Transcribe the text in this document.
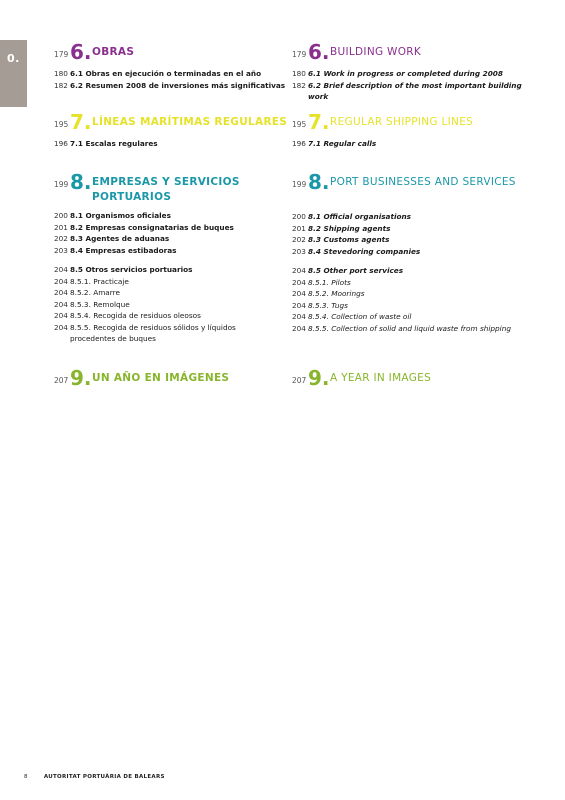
0.	179 6. OBRAS
180 6.1 Obras en ejecución o terminadas en el año
182 6.2 Resumen 2008 de inversiones más significativas
195 7. LÍNEAS MARÍTIMAS REGULARES
196 7.1 Escalas regulares
199 8. EMPRESAS Y SERVICIOS
PORTUARIOS
200 8.1 Organismos oficiales
201 8.2 Empresas consignatarias de buques
202 8.3 Agentes de aduanas
203 8.4 Empresas estibadoras
204 8.5 Otros servicios portuarios
204 8.5.1. Practicaje
204 8.5.2. Amarre
204 8.5.3. Remolque
204 8.5.4. Recogida de residuos oleosos
204 8.5.5. Recogida de residuos sólidos y líquidos
procedentes de buques
207 9. UN AÑO EN IMÁGENES
179 6. BUILDING WORK
180 6.1 Work in progress or completed during 2008
182 6.2 Brief description of the most important building work
195 7. REGULAR SHIPPING LINES
196 7.1 Regular calls
199 8. PORT BUSINESSES AND SERVICES
200 8.1 Official organisations
201 8.2 Shipping agents
202 8.3 Customs agents
203 8.4 Stevedoring companies
204 8.5 Other port services
204 8.5.1. Pilots
204 8.5.2. Moorings
204 8.5.3. Tugs
204 8.5.4. Collection of waste oil
204 8.5.5. Collection of solid and liquid waste from shipping
207 9. A YEAR IN IMAGES
8	AUTORITAT PORTUÀRIA DE BALEARS
